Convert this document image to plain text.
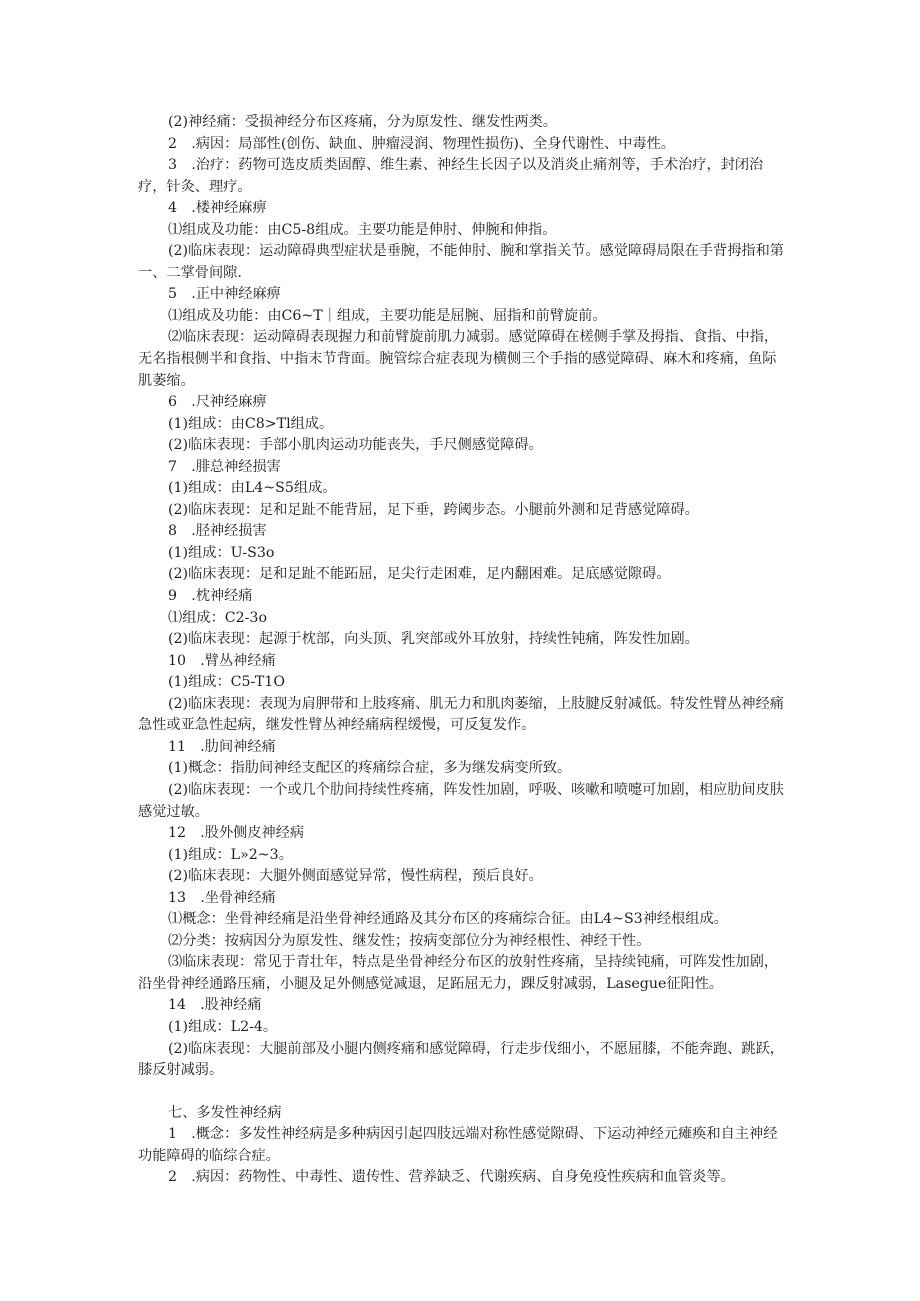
(2)神经痛：受损神经分布区疼痛，分为原发性、继发性两类。

2　.病因：局部性(创伤、缺血、肿瘤浸润、物理性损伤)、全身代谢性、中毒性。

3　.治疗：药物可选皮质类固醇、维生素、神经生长因子以及消炎止痛剂等，手术治疗，封闭治疗，针灸、理疗。

4　.楼神经麻痹

⑴组成及功能：由C5-8组成。主要功能是伸肘、伸腕和伸指。

(2)临床表现：运动障碍典型症状是垂腕，不能伸肘、腕和掌指关节。感觉障碍局限在手背拇指和第一、二掌骨间隙.

5　.正中神经麻痹

⑴组成及功能：由C6~T｜组成，主要功能是屈腕、屈指和前臂旋前。

⑵临床表现：运动障碍表现握力和前臂旋前肌力减弱。感觉障碍在槎侧手掌及拇指、食指、中指，无名指根侧半和食指、中指末节背面。腕管综合症表现为横侧三个手指的感觉障碍、麻木和疼痛，鱼际肌萎缩。

6　.尺神经麻痹

(1)组成：由C8>Tl组成。

(2)临床表现：手部小肌肉运动功能丧失，手尺侧感觉障碍。

7　.腓总神经损害

(1)组成：由L4~S5组成。

(2)临床表现：足和足趾不能背屈，足下垂，跨阈步态。小腿前外测和足背感觉障碍。

8　.胫神经损害

(1)组成：U-S3o

(2)临床表现：足和足趾不能跖屈，足尖行走困难，足内翻困难。足底感觉隙碍。

9　.枕神经痛

⑴组成：C2-3o

(2)临床表现：起源于枕部，向头顶、乳突部或外耳放射，持续性钝痛，阵发性加剧。

10　.臂丛神经痛

(1)组成：C5-T1O

(2)临床表现：表现为肩胛带和上肢疼痛、肌无力和肌肉萎缩，上肢腱反射减低。特发性臂丛神经痛急性或亚急性起病，继发性臂丛神经痛病程缓慢，可反复发作。

11　.肋间神经痛

(1)概念：指肋间神经支配区的疼痛综合症，多为继发病变所致。

(2)临床表现：一个或几个肋间持续性疼痛，阵发性加剧，呼吸、咳嗽和喷嚏可加剧，相应肋间皮肤感觉过敏。

12　.股外侧皮神经病

(1)组成：L»2~3。

(2)临床表现：大腿外侧面感觉异常，慢性病程，预后良好。

13　.坐骨神经痛

⑴概念：坐骨神经痛是沿坐骨神经通路及其分布区的疼痛综合征。由L4~S3神经根组成。

⑵分类：按病因分为原发性、继发性；按病变部位分为神经根性、神经干性。

⑶临床表现：常见于青壮年，特点是坐骨神经分布区的放射性疼痛，呈持续钝痛，可阵发性加剧，沿坐骨神经通路压痛，小腿及足外侧感觉减退，足跖屈无力，踝反射减弱，Lasegue征阳性。

14　.股神经痛

(1)组成：L2-4。

(2)临床表现：大腿前部及小腿内侧疼痛和感觉障碍，行走步伐细小，不愿屈膝，不能奔跑、跳跃，膝反射减弱。

七、多发性神经病

1　.概念：多发性神经病是多种病因引起四肢远端对称性感觉隙碍、下运动神经元瘫痪和自主神经功能障碍的临综合症。

2　.病因：药物性、中毒性、遗传性、营养缺乏、代谢疾病、自身免疫性疾病和血管炎等。
